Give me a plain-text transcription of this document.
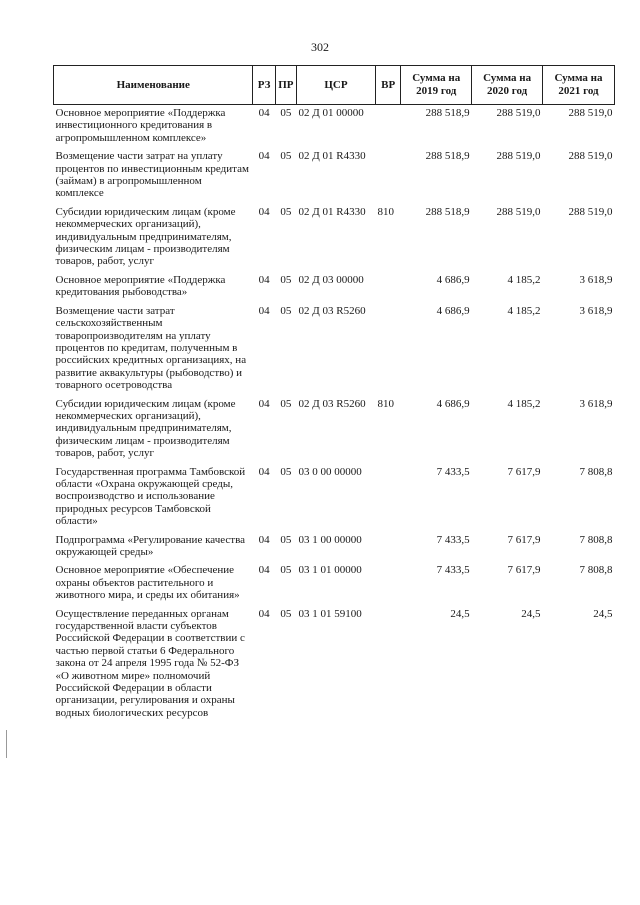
302
Наименование	РЗ	ПР	ЦСР	ВР	Сумма на 2019 год	Сумма на 2020 год	Сумма на 2021 год
Основное мероприятие «Поддержка инвестиционного кредитования в агропромышленном комплексе»	04	05	02 Д 01 00000		288 518,9	288 519,0	288 519,0
Возмещение части затрат на уплату процентов по инвестиционным кредитам (займам) в агропромышленном комплексе	04	05	02 Д 01 R4330		288 518,9	288 519,0	288 519,0
Субсидии юридическим лицам (кроме некоммерческих организаций), индивидуальным предпринимателям, физическим лицам - производителям товаров, работ, услуг	04	05	02 Д 01 R4330	810	288 518,9	288 519,0	288 519,0
Основное мероприятие «Поддержка кредитования рыбоводства»	04	05	02 Д 03 00000		4 686,9	4 185,2	3 618,9
Возмещение части затрат сельскохозяйственным товаропроизводителям на уплату процентов по кредитам, полученным в российских кредитных организациях, на развитие аквакультуры (рыбоводство) и товарного осетроводства	04	05	02 Д 03 R5260		4 686,9	4 185,2	3 618,9
Субсидии юридическим лицам (кроме некоммерческих организаций), индивидуальным предпринимателям, физическим лицам - производителям товаров, работ, услуг	04	05	02 Д 03 R5260	810	4 686,9	4 185,2	3 618,9
Государственная программа Тамбовской области «Охрана окружающей среды, воспроизводство и использование природных ресурсов Тамбовской области»	04	05	03 0 00 00000		7 433,5	7 617,9	7 808,8
Подпрограмма «Регулирование качества окружающей среды»	04	05	03 1 00 00000		7 433,5	7 617,9	7 808,8
Основное мероприятие «Обеспечение охраны объектов растительного и животного мира, и среды их обитания»	04	05	03 1 01 00000		7 433,5	7 617,9	7 808,8
Осуществление переданных органам государственной власти субъектов Российской Федерации в соответствии с частью первой статьи 6 Федерального закона от 24 апреля 1995 года № 52-ФЗ «О животном мире» полномочий Российской Федерации в области организации, регулирования и охраны водных биологических ресурсов	04	05	03 1 01 59100		24,5	24,5	24,5
